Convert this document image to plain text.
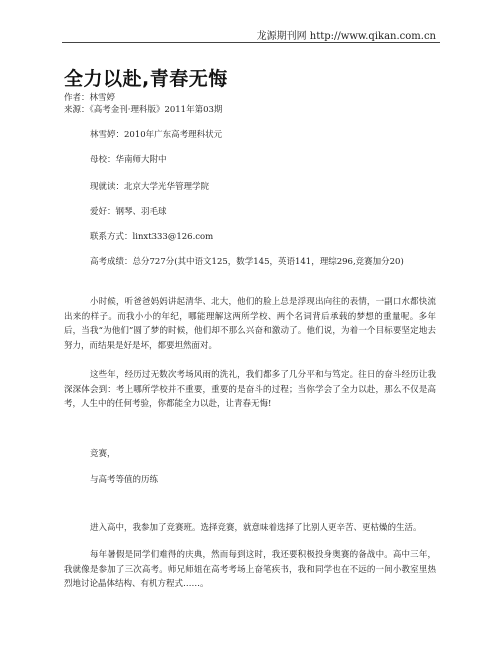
龙源期刊网 http://www.qikan.com.cn
全力以赴,青春无悔
作者：林雪婷
来源：《高考金刊·理科版》2011年第03期
林雪婷：2010年广东高考理科状元
母校：华南师大附中
现就读：北京大学光华管理学院
爱好：钢琴、羽毛球
联系方式：linxt333@126.com
高考成绩：总分727分(其中语文125，数学145，英语141，理综296,竞赛加分20)
小时候，听爸爸妈妈讲起清华、北大，他们的脸上总是浮现出向往的表情，一副口水都快流出来的样子。而我小小的年纪，哪能理解这两所学校、两个名词背后承载的梦想的重量呢。多年后，当我“为他们”圆了梦的时候，他们却不那么兴奋和激动了。他们说，为着一个目标要坚定地去努力，而结果是好是坏，都要坦然面对。
这些年，经历过无数次考场风雨的洗礼，我们都多了几分平和与笃定。往日的奋斗经历让我深深体会到：考上哪所学校并不重要，重要的是奋斗的过程；当你学会了全力以赴，那么不仅是高考，人生中的任何考验，你都能全力以赴，让青春无悔!
竞赛，
与高考等值的历练
进入高中，我参加了竞赛班。选择竞赛，就意味着选择了比别人更辛苦、更枯燥的生活。
每年暑假是同学们难得的庆典，然而每到这时，我还要积极投身奥赛的备战中。高中三年，我就像是参加了三次高考。师兄师姐在高考考场上奋笔疾书，我和同学也在不远的一间小教室里热烈地讨论晶体结构、有机方程式……。
